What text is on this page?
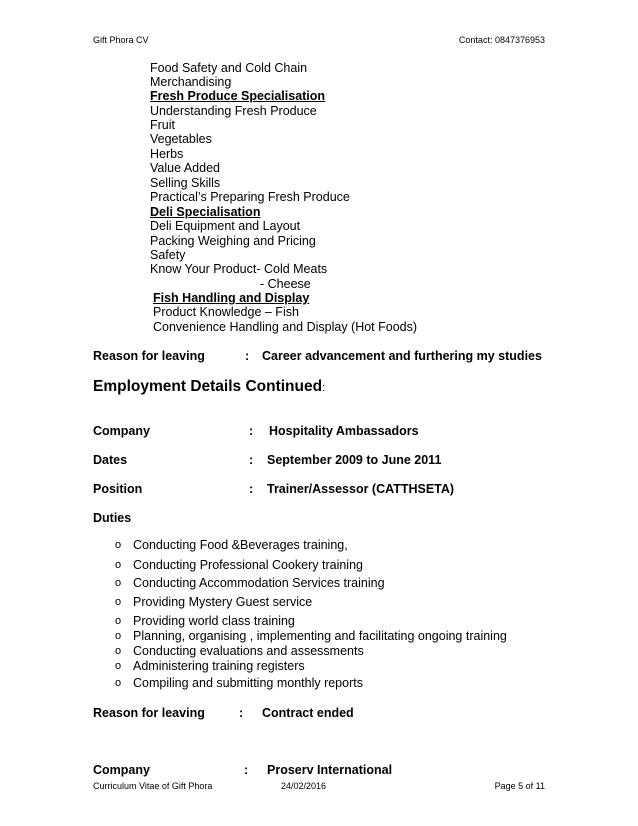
Gift Phora CV	Contact: 0847376953
Food Safety and Cold Chain
Merchandising
Fresh Produce Specialisation
Understanding Fresh Produce
Fruit
Vegetables
Herbs
Value Added
Selling Skills
Practical’s Preparing Fresh Produce
Deli Specialisation
Deli Equipment and Layout
Packing Weighing and Pricing
Safety
Know Your Product- Cold Meats
- Cheese
Fish Handling and Display
Product Knowledge – Fish
Convenience Handling and Display (Hot Foods)
Reason for leaving	: Career advancement and furthering my studies
Employment Details Continued:
Company	: Hospitality Ambassadors
Dates	: September 2009 to June 2011
Position	: Trainer/Assessor (CATTHSETA)
Duties
o Conducting Food &Beverages training,
o Conducting Professional Cookery training
o Conducting Accommodation Services training
o Providing Mystery Guest service
o Providing world class training
o Planning, organising , implementing and facilitating ongoing training
o Conducting evaluations and assessments
o Administering training registers
o Compiling and submitting monthly reports
Reason for leaving	: Contract ended
Company	: Proserv International
Curriculum Vitae of Gift Phora	24/02/2016	Page 5 of 11
